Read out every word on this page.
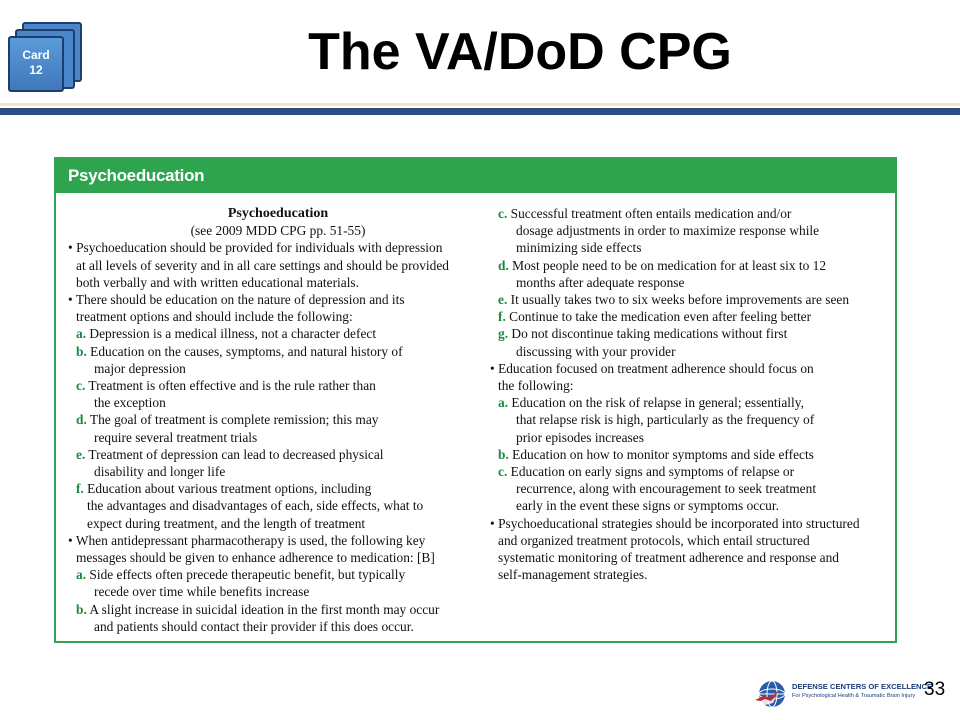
Card
12	The VA/DoD CPG
Psychoeducation
Psychoeducation
(see 2009 MDD CPG pp. 51-55)
• Psychoeducation should be provided for individuals with depression
at all levels of severity and in all care settings and should be provided
both verbally and with written educational materials.
• There should be education on the nature of depression and its
treatment options and should include the following:
a. Depression is a medical illness, not a character defect
b. Education on the causes, symptoms, and natural history of
major depression
c. Treatment is often effective and is the rule rather than
the exception
d. The goal of treatment is complete remission; this may
require several treatment trials
e. Treatment of depression can lead to decreased physical
disability and longer life
f. Education about various treatment options, including
the advantages and disadvantages of each, side effects, what to
expect during treatment, and the length of treatment
• When antidepressant pharmacotherapy is used, the following key
messages should be given to enhance adherence to medication: [B]
a. Side effects often precede therapeutic benefit, but typically
recede over time while benefits increase
b. A slight increase in suicidal ideation in the first month may occur
and patients should contact their provider if this does occur.
c. Successful treatment often entails medication and/or
dosage adjustments in order to maximize response while
minimizing side effects
d. Most people need to be on medication for at least six to 12
months after adequate response
e. It usually takes two to six weeks before improvements are seen
f. Continue to take the medication even after feeling better
g. Do not discontinue taking medications without first
discussing with your provider
• Education focused on treatment adherence should focus on
the following:
a. Education on the risk of relapse in general; essentially,
that relapse risk is high, particularly as the frequency of
prior episodes increases
b. Education on how to monitor symptoms and side effects
c. Education on early signs and symptoms of relapse or
recurrence, along with encouragement to seek treatment
early in the event these signs or symptoms occur.
• Psychoeducational strategies should be incorporated into structured
and organized treatment protocols, which entail structured
systematic monitoring of treatment adherence and response and
self-management strategies.
DEFENSE CENTERS OF EXCELLENCE
For Psychological Health & Traumatic Brain Injury 33
